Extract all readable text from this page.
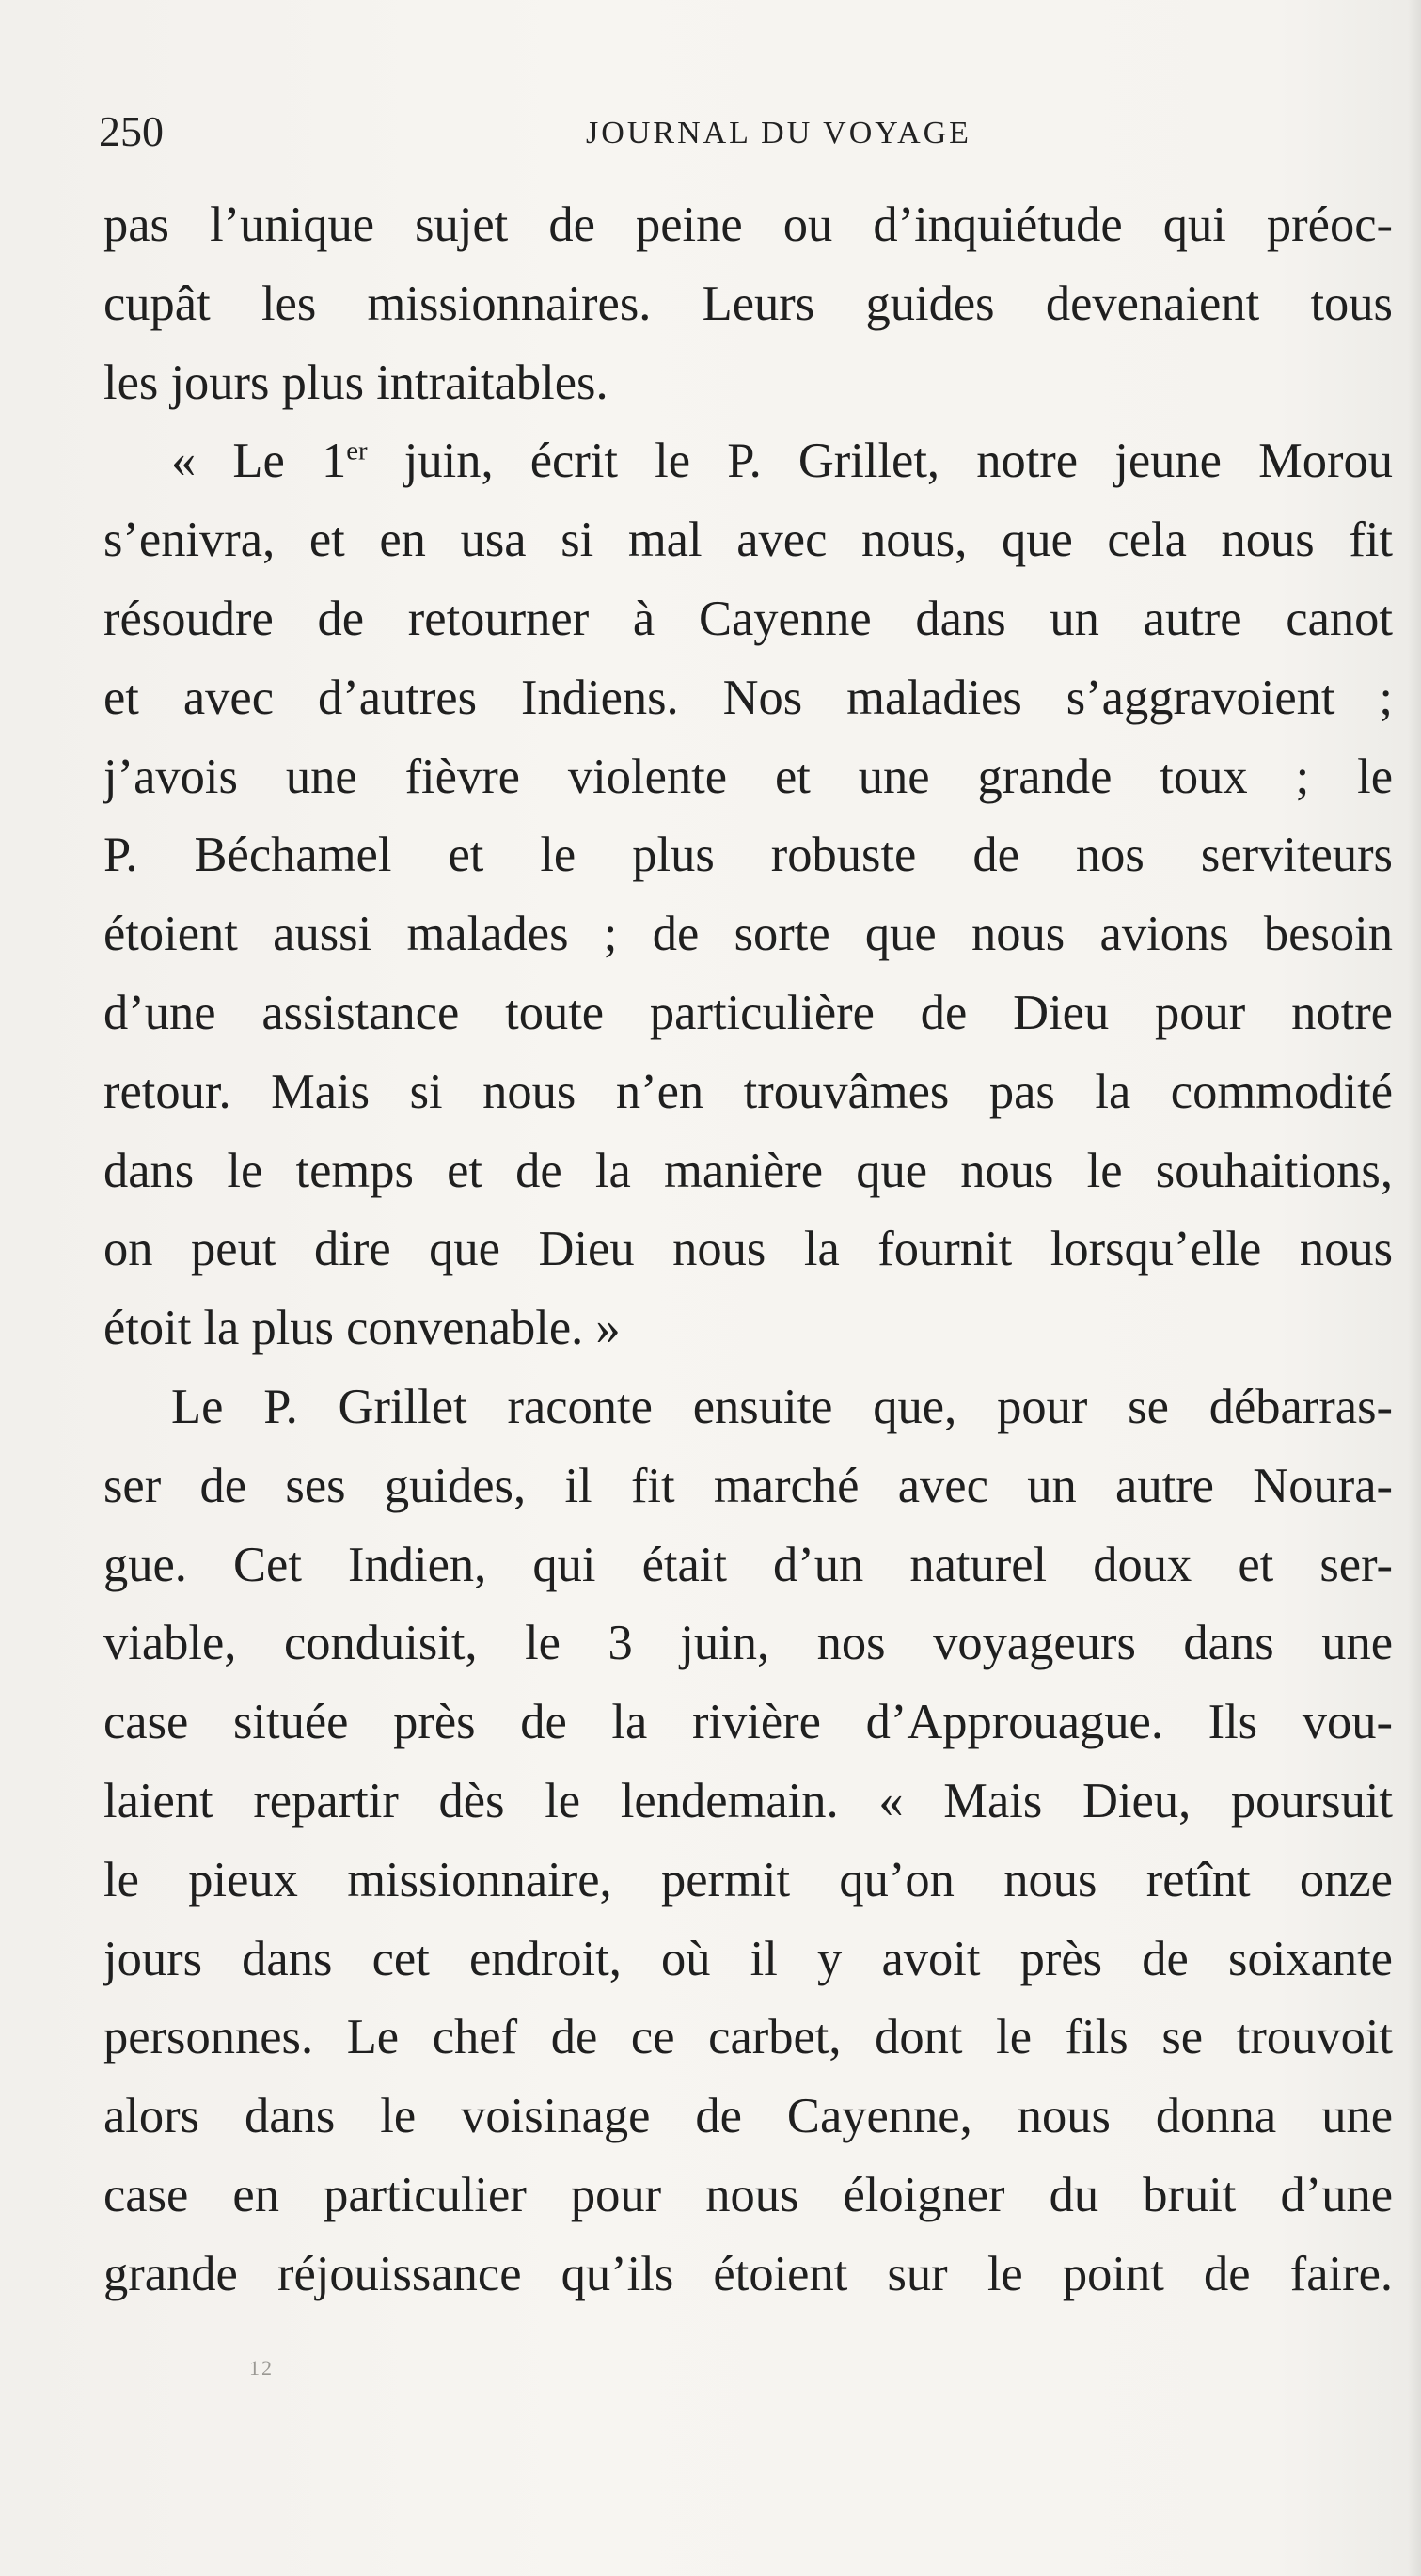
250	JOURNAL DU VOYAGE
pas l’unique sujet de peine ou d’inquiétude qui préoc-
cupât les missionnaires. Leurs guides devenaient tous
les jours plus intraitables.
« Le 1er juin, écrit le P. Grillet, notre jeune Morou
s’enivra, et en usa si mal avec nous, que cela nous fit
résoudre de retourner à Cayenne dans un autre canot
et avec d’autres Indiens. Nos maladies s’aggravoient ;
j’avois une fièvre violente et une grande toux ; le
P. Béchamel et le plus robuste de nos serviteurs
étoient aussi malades ; de sorte que nous avions besoin
d’une assistance toute particulière de Dieu pour notre
retour. Mais si nous n’en trouvâmes pas la commodité
dans le temps et de la manière que nous le souhaitions,
on peut dire que Dieu nous la fournit lorsqu’elle nous
étoit la plus convenable. »
Le P. Grillet raconte ensuite que, pour se débarras-
ser de ses guides, il fit marché avec un autre Noura-
gue. Cet Indien, qui était d’un naturel doux et ser-
viable, conduisit, le 3 juin, nos voyageurs dans une
case située près de la rivière d’Approuague. Ils vou-
laient repartir dès le lendemain. « Mais Dieu, poursuit
le pieux missionnaire, permit qu’on nous retînt onze
jours dans cet endroit, où il y avoit près de soixante
personnes. Le chef de ce carbet, dont le fils se trouvoit
alors dans le voisinage de Cayenne, nous donna une
case en particulier pour nous éloigner du bruit d’une
grande réjouissance qu’ils étoient sur le point de faire.
12
